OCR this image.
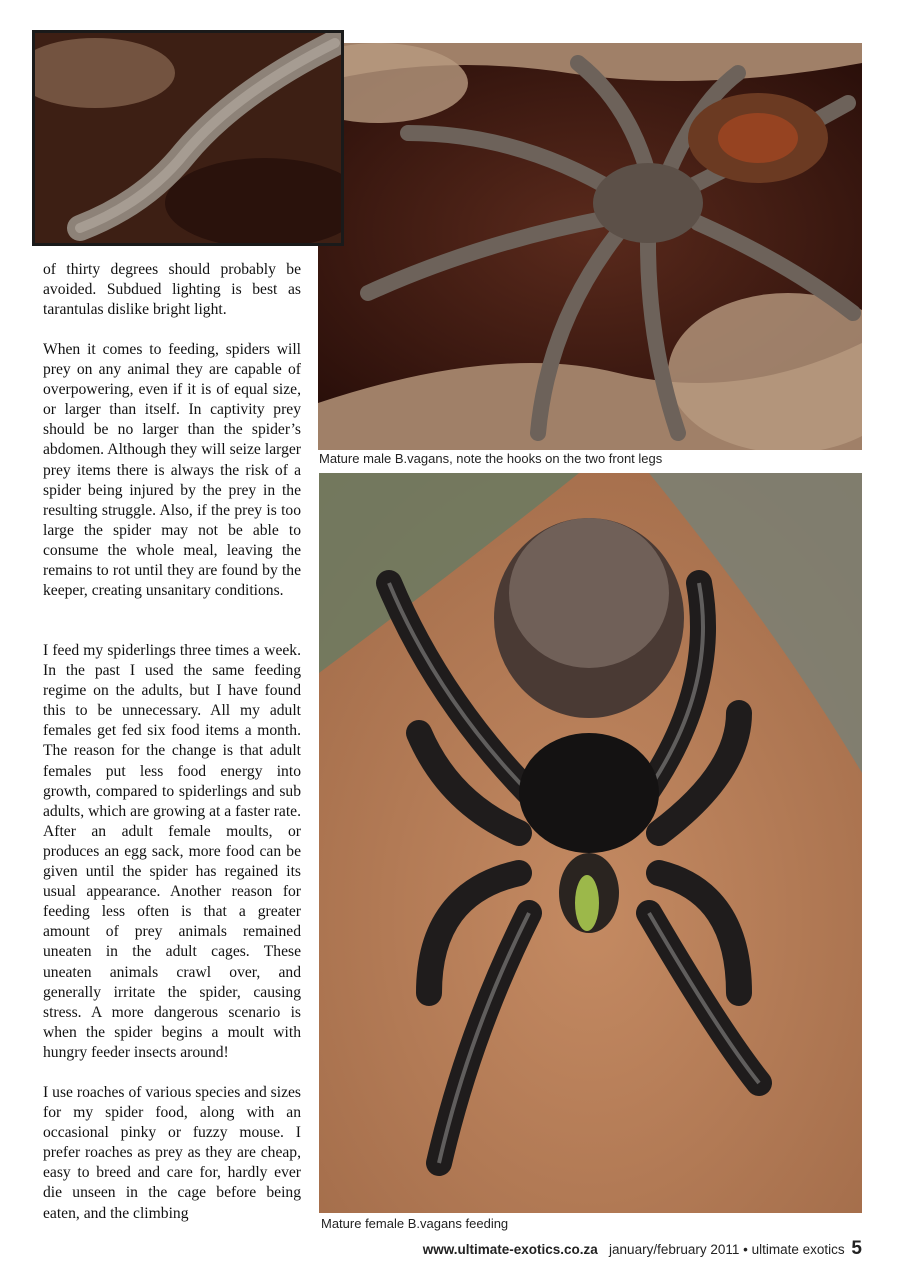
Mature male B.vagans, note the hooks on the two front legs
Mature female B.vagans feeding

of thirty degrees should probably be avoided. Subdued lighting is best as tarantulas dislike bright light.

When it comes to feeding, spiders will prey on any animal they are capable of overpowering, even if it is of equal size, or larger than itself. In captivity prey should be no larger than the spider’s abdomen. Although they will seize larger prey items there is always the risk of a spider being injured by the prey in the resulting struggle. Also, if the prey is too large the spider may not be able to consume the whole meal, leaving the remains to rot until they are found by the keeper, creating unsanitary conditions.

I feed my spiderlings three times a week. In the past I used the same feeding regime on the adults, but I have found this to be unnecessary. All my adult females get fed six food items a month. The reason for the change is that adult females put less food energy into growth, compared to spiderlings and sub adults, which are growing at a faster rate. After an adult female moults, or produces an egg sack, more food can be given until the spider has regained its usual appearance. Another reason for feeding less often is that a greater amount of prey animals remained uneaten in the adult cages. These uneaten animals crawl over, and generally irritate the spider, causing stress. A more dangerous scenario is when the spider begins a moult with hungry feeder insects around!

I use roaches of various species and sizes for my spider food, along with an occasional pinky or fuzzy mouse. I prefer roaches as prey as they are cheap, easy to breed and care for, hardly ever die unseen in the cage before being eaten, and the climbing

www.ultimate-exotics.co.za january/february 2011 • ultimate exotics 5
